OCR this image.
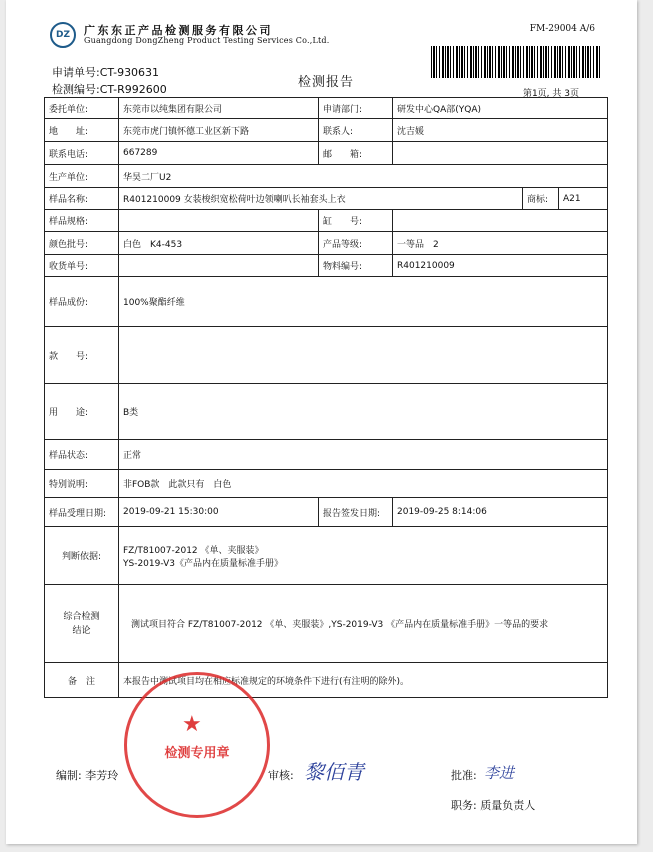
DZ	广东东正产品检测服务有限公司
Guangdong DongZheng Product Testing Services Co.,Ltd.
FM-29004 A/6
申请单号:CT-930631
检测编号:CT-R992600	检测报告
第1页, 共 3页
委托单位:	东莞市以纯集团有限公司	申请部门:	研发中心QA部(YQA)		
地　　址:	东莞市虎门镇怀德工业区新下路	联系人:	沈吉媛		
联系电话:	667289	邮　　箱:			
生产单位:	华昊二厂U2				
样品名称:	R401210009 女装梭织宽松荷叶边领喇叭长袖套头上衣			商标:	A21
样品规格:		缸　　号:			
颜色批号:	白色　K4-453	产品等级:	一等品　2		
收货单号:		物料编号:	R401210009		
样品成份:	100%聚酯纤维				
款　　号:					
用　　途:	B类				
样品状态:	正常				
特别说明:	非FOB款　此款只有　白色				
样品受理日期:	2019-09-21 15:30:00	报告签发日期:	2019-09-25 8:14:06		
判断依据:	FZ/T81007-2012 《单、夹服装》
YS-2019-V3《产品内在质量标准手册》				

综合检测
结论	测试项目符合 FZ/T81007-2012 《单、夹服装》,YS-2019-V3 《产品内在质量标准手册》一等品的要求				
备　注	本报告中测试项目均在相应标准规定的环境条件下进行(有注明的除外)。				
★
检测专用章
编制: 李芳玲	审核: 黎佰青	批准: 李进
职务: 质量负责人
